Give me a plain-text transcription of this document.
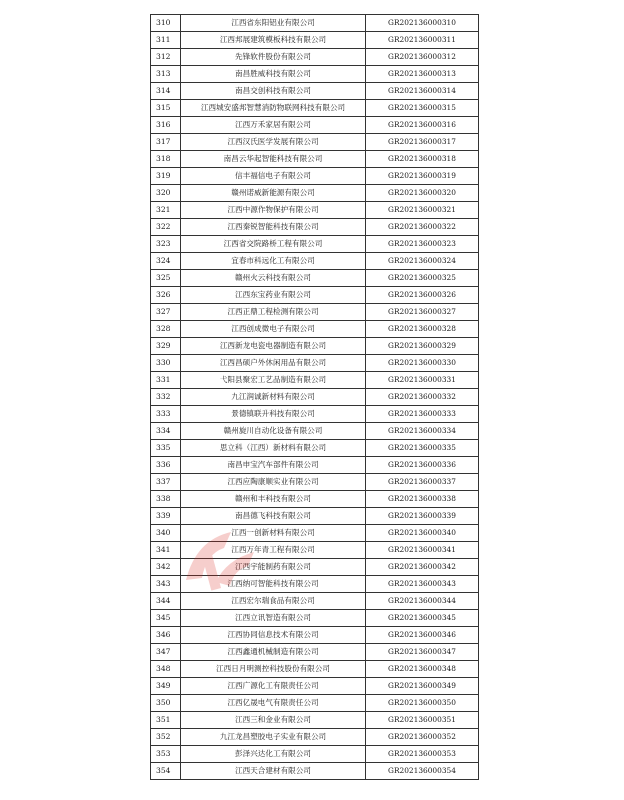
310	江西省东阳铝业有限公司	GR202136000310
311	江西邦展建筑模板科技有限公司	GR202136000311
312	先锋软件股份有限公司	GR202136000312
313	南昌胜威科技有限公司	GR202136000313
314	南昌交创科技有限公司	GR202136000314
315	江西城安盛邦智慧消防物联网科技有限公司	GR202136000315
316	江西万禾家居有限公司	GR202136000316
317	江西汉氏医学发展有限公司	GR202136000317
318	南昌云华起智能科技有限公司	GR202136000318
319	信丰福信电子有限公司	GR202136000319
320	赣州诺威新能源有限公司	GR202136000320
321	江西中源作物保护有限公司	GR202136000321
322	江西秦锐智能科技有限公司	GR202136000322
323	江西省交院路桥工程有限公司	GR202136000323
324	宜春市科远化工有限公司	GR202136000324
325	赣州火云科技有限公司	GR202136000325
326	江西东宝药业有限公司	GR202136000326
327	江西正鼎工程检测有限公司	GR202136000327
328	江西创成微电子有限公司	GR202136000328
329	江西新龙电瓷电器制造有限公司	GR202136000329
330	江西昌硕户外休闲用品有限公司	GR202136000330
331	弋阳县聚宏工艺品制造有限公司	GR202136000331
332	九江润诚新材料有限公司	GR202136000332
333	景德镇联升科技有限公司	GR202136000333
334	赣州旋川自动化设备有限公司	GR202136000334
335	思立科（江西）新材料有限公司	GR202136000335
336	南昌申宝汽车部件有限公司	GR202136000336
337	江西应陶康顺实业有限公司	GR202136000337
338	赣州和丰科技有限公司	GR202136000338
339	南昌德飞科技有限公司	GR202136000339
340	江西一创新材料有限公司	GR202136000340
341	江西万年青工程有限公司	GR202136000341
342	江西宇能制药有限公司	GR202136000342
343	江西纳可智能科技有限公司	GR202136000343
344	江西宏尔瑞食品有限公司	GR202136000344
345	江西立讯智造有限公司	GR202136000345
346	江西协同信息技术有限公司	GR202136000346
347	江西鑫通机械制造有限公司	GR202136000347
348	江西日月明测控科技股份有限公司	GR202136000348
349	江西广源化工有限责任公司	GR202136000349
350	江西亿晟电气有限责任公司	GR202136000350
351	江西三和金业有限公司	GR202136000351
352	九江龙昌塑胶电子实业有限公司	GR202136000352
353	彭泽兴达化工有限公司	GR202136000353
354	江西天合建材有限公司	GR202136000354
